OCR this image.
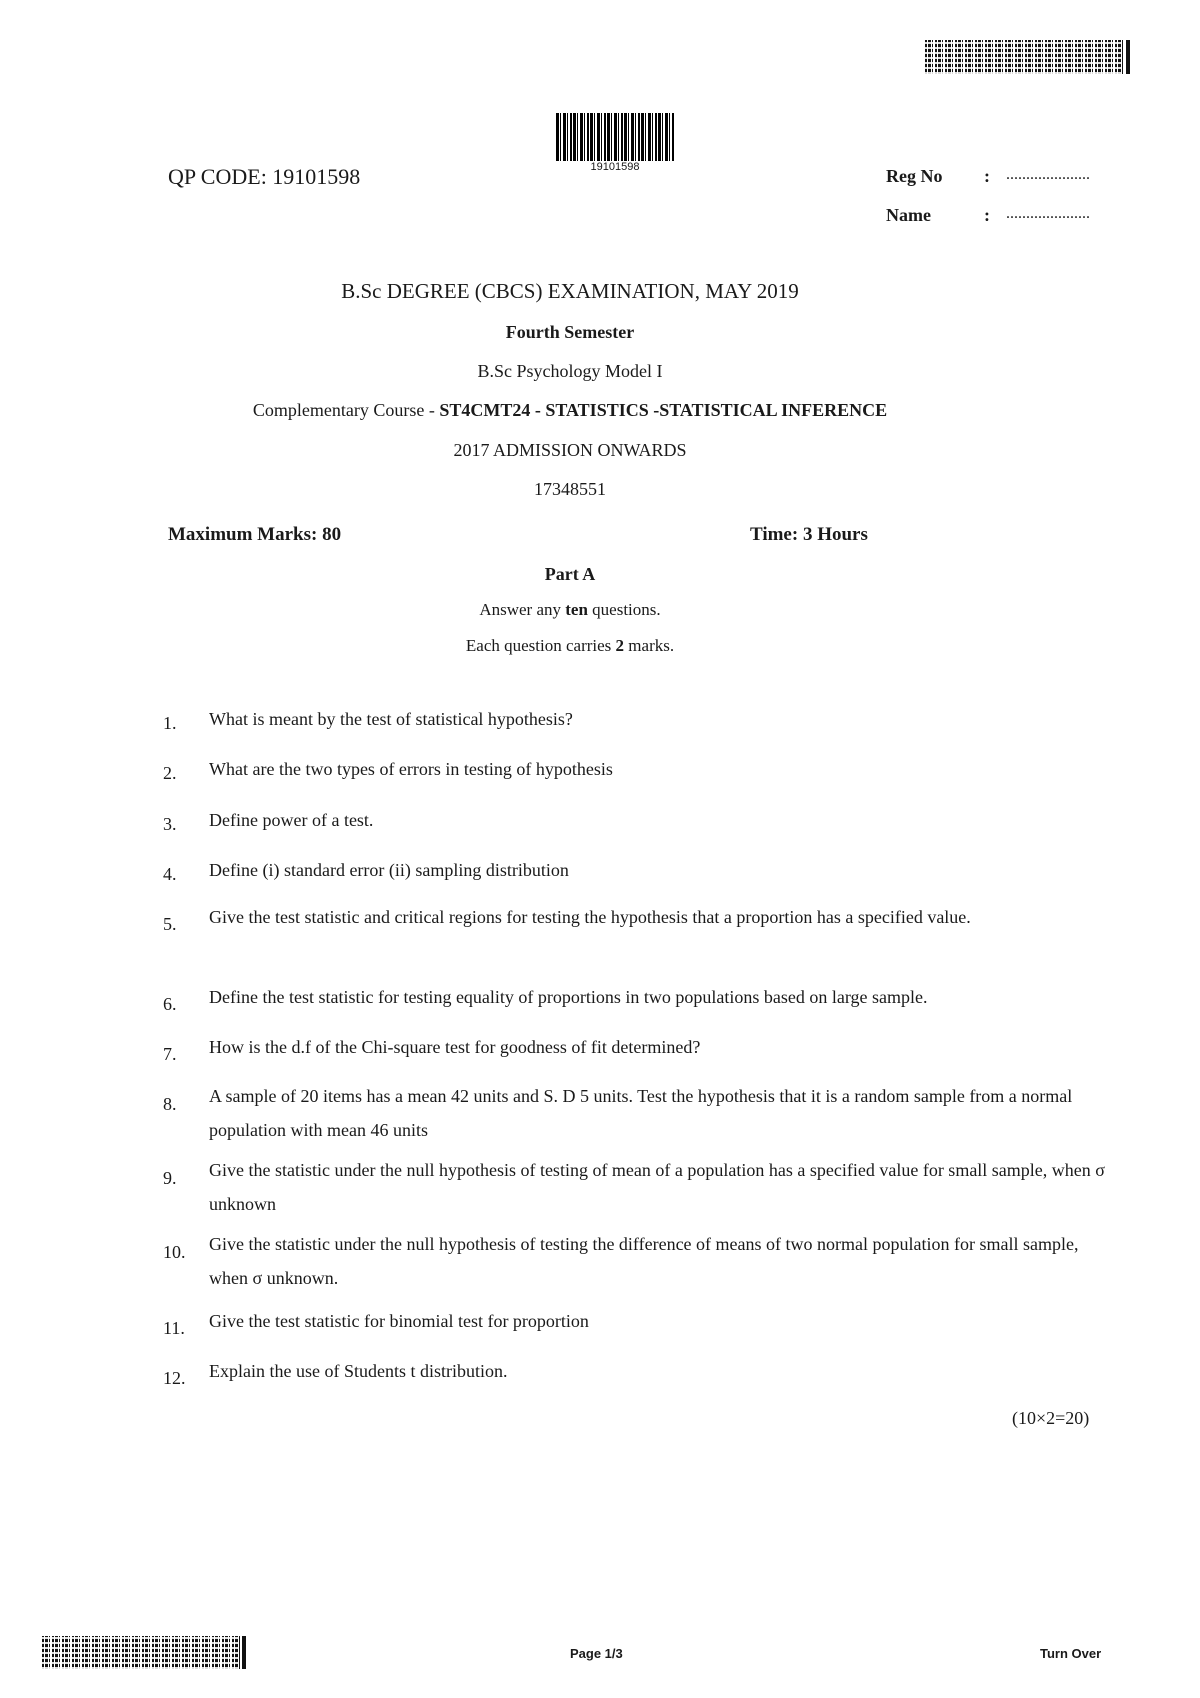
19101598
QP CODE: 19101598	Reg No : .....................
Name	: .....................
B.Sc DEGREE (CBCS) EXAMINATION, MAY 2019
Fourth Semester
B.Sc Psychology Model I
Complementary Course - ST4CMT24 - STATISTICS -STATISTICAL INFERENCE
2017 ADMISSION ONWARDS
17348551
Maximum Marks: 80	Time: 3 Hours
Part A
Answer any ten questions.
Each question carries 2 marks.
1. What is meant by the test of statistical hypothesis?
2. What are the two types of errors in testing of hypothesis
3. Define power of a test.
4. Define (i) standard error (ii) sampling distribution
5. Give the test statistic and critical regions for testing the hypothesis that a proportion has a specified value.
6. Define the test statistic for testing equality of proportions in two populations based on large sample.
7. How is the d.f of the Chi-square test for goodness of fit determined?
8. A sample of 20 items has a mean 42 units and S. D 5 units. Test the hypothesis that it is a random sample from a normal population with mean 46 units
9. Give the statistic under the null hypothesis of testing of mean of a population has a specified value for small sample, when σ unknown
10. Give the statistic under the null hypothesis of testing the difference of means of two normal population for small sample, when σ unknown.
11. Give the test statistic for binomial test for proportion
12. Explain the use of Students t distribution.
(10×2=20)
Page 1/3	Turn Over
